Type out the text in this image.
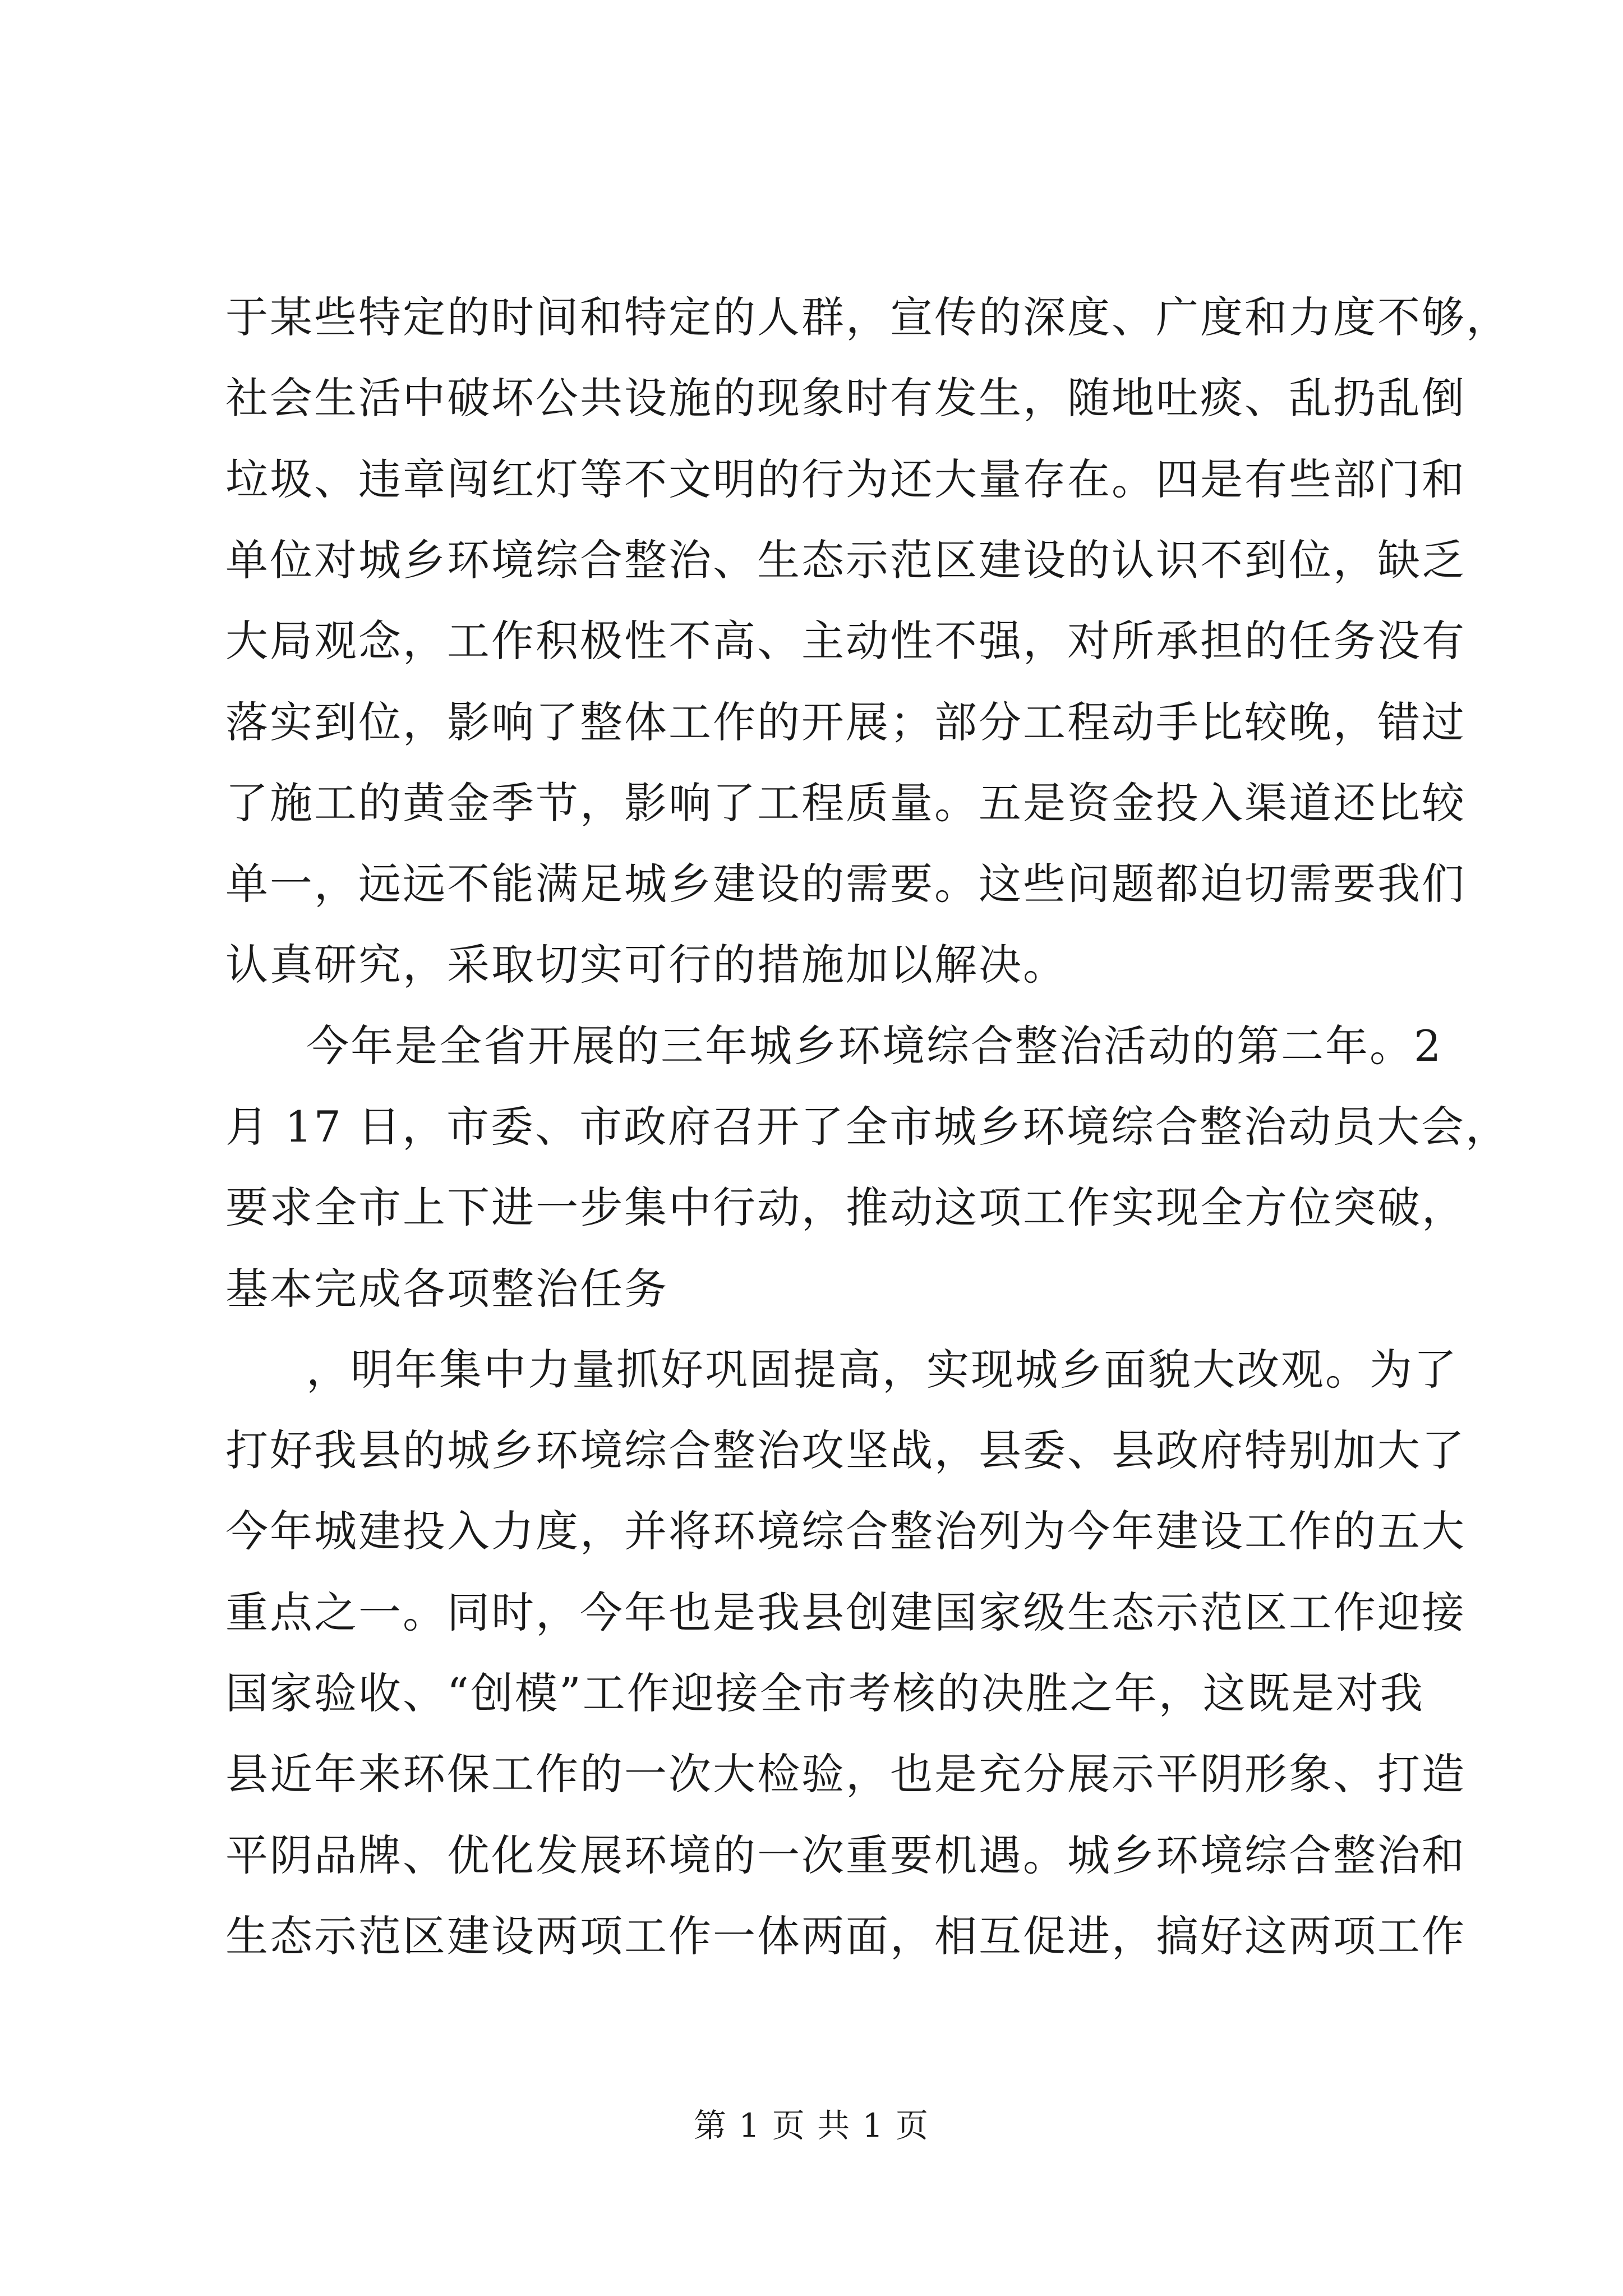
于某些特定的时间和特定的人群，宣传的深度、广度和力度不够，
社会生活中破坏公共设施的现象时有发生，随地吐痰、乱扔乱倒
垃圾、违章闯红灯等不文明的行为还大量存在。四是有些部门和
单位对城乡环境综合整治、生态示范区建设的认识不到位，缺乏
大局观念，工作积极性不高、主动性不强，对所承担的任务没有
落实到位，影响了整体工作的开展；部分工程动手比较晚，错过
了施工的黄金季节，影响了工程质量。五是资金投入渠道还比较
单一，远远不能满足城乡建设的需要。这些问题都迫切需要我们
认真研究，采取切实可行的措施加以解决。
今年是全省开展的三年城乡环境综合整治活动的第二年。2
月 17 日，市委、市政府召开了全市城乡环境综合整治动员大会，
要求全市上下进一步集中行动，推动这项工作实现全方位突破，
基本完成各项整治任务
，明年集中力量抓好巩固提高，实现城乡面貌大改观。为了
打好我县的城乡环境综合整治攻坚战，县委、县政府特别加大了
今年城建投入力度，并将环境综合整治列为今年建设工作的五大
重点之一。同时，今年也是我县创建国家级生态示范区工作迎接
国家验收、“创模”工作迎接全市考核的决胜之年，这既是对我
县近年来环保工作的一次大检验，也是充分展示平阴形象、打造
平阴品牌、优化发展环境的一次重要机遇。城乡环境综合整治和
生态示范区建设两项工作一体两面，相互促进，搞好这两项工作
第 1 页 共 1 页
